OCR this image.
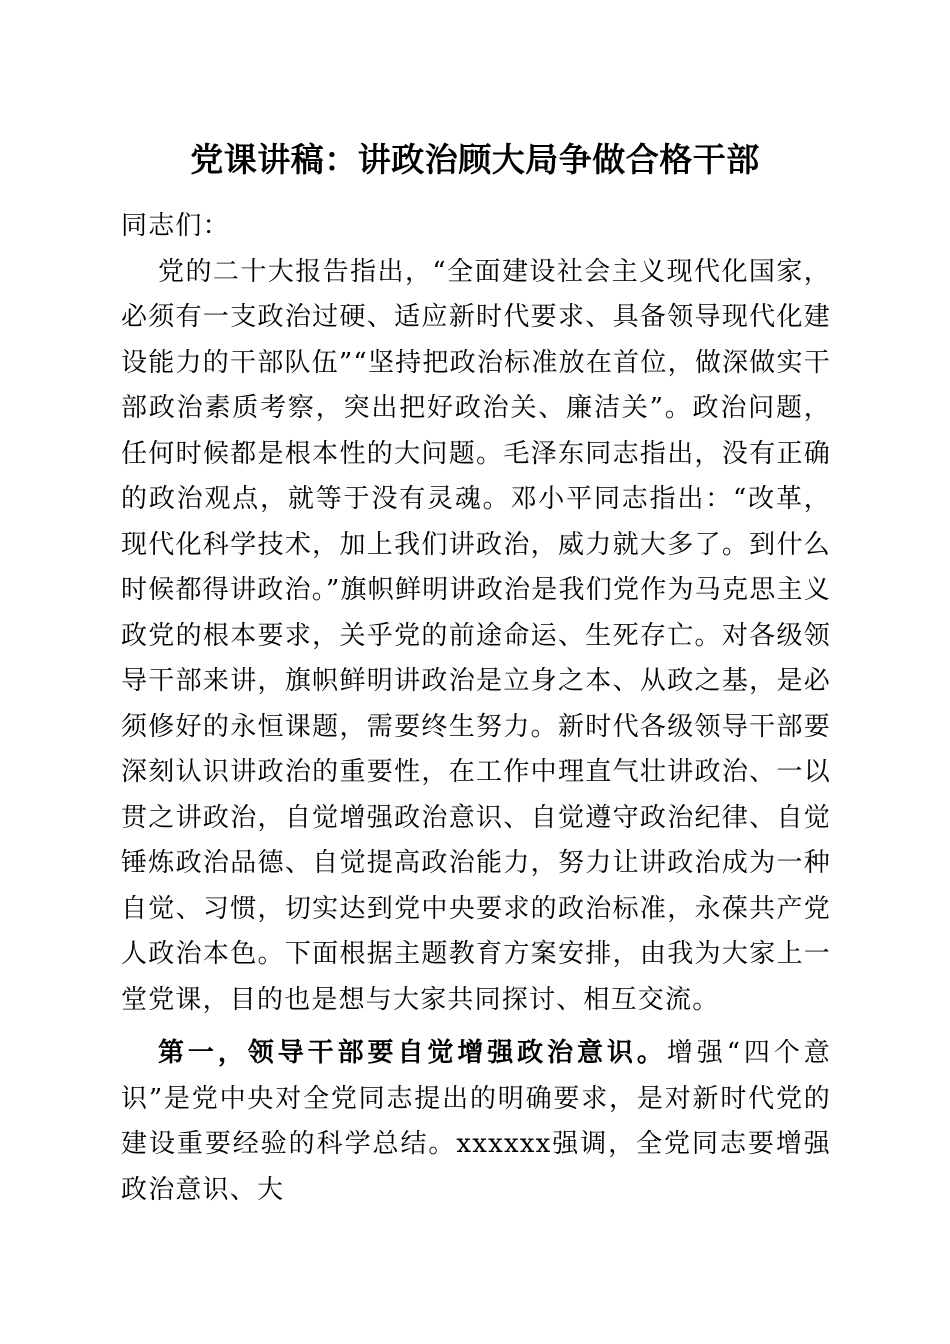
党课讲稿：讲政治顾大局争做合格干部

同志们：

党的二十大报告指出，“全面建设社会主义现代化国家，必须有一支政治过硬、适应新时代要求、具备领导现代化建设能力的干部队伍”“坚持把政治标准放在首位，做深做实干部政治素质考察，突出把好政治关、廉洁关”。政治问题，任何时候都是根本性的大问题。毛泽东同志指出，没有正确的政治观点，就等于没有灵魂。邓小平同志指出：“改革，现代化科学技术，加上我们讲政治，威力就大多了。到什么时候都得讲政治。”旗帜鲜明讲政治是我们党作为马克思主义政党的根本要求，关乎党的前途命运、生死存亡。对各级领导干部来讲，旗帜鲜明讲政治是立身之本、从政之基，是必须修好的永恒课题，需要终生努力。新时代各级领导干部要深刻认识讲政治的重要性，在工作中理直气壮讲政治、一以贯之讲政治，自觉增强政治意识、自觉遵守政治纪律、自觉锤炼政治品德、自觉提高政治能力，努力让讲政治成为一种自觉、习惯，切实达到党中央要求的政治标准，永葆共产党人政治本色。下面根据主题教育方案安排，由我为大家上一堂党课，目的也是想与大家共同探讨、相互交流。

第一，领导干部要自觉增强政治意识。增强“四个意识”是党中央对全党同志提出的明确要求，是对新时代党的建设重要经验的科学总结。xxxxxx强调，全党同志要增强政治意识、大
